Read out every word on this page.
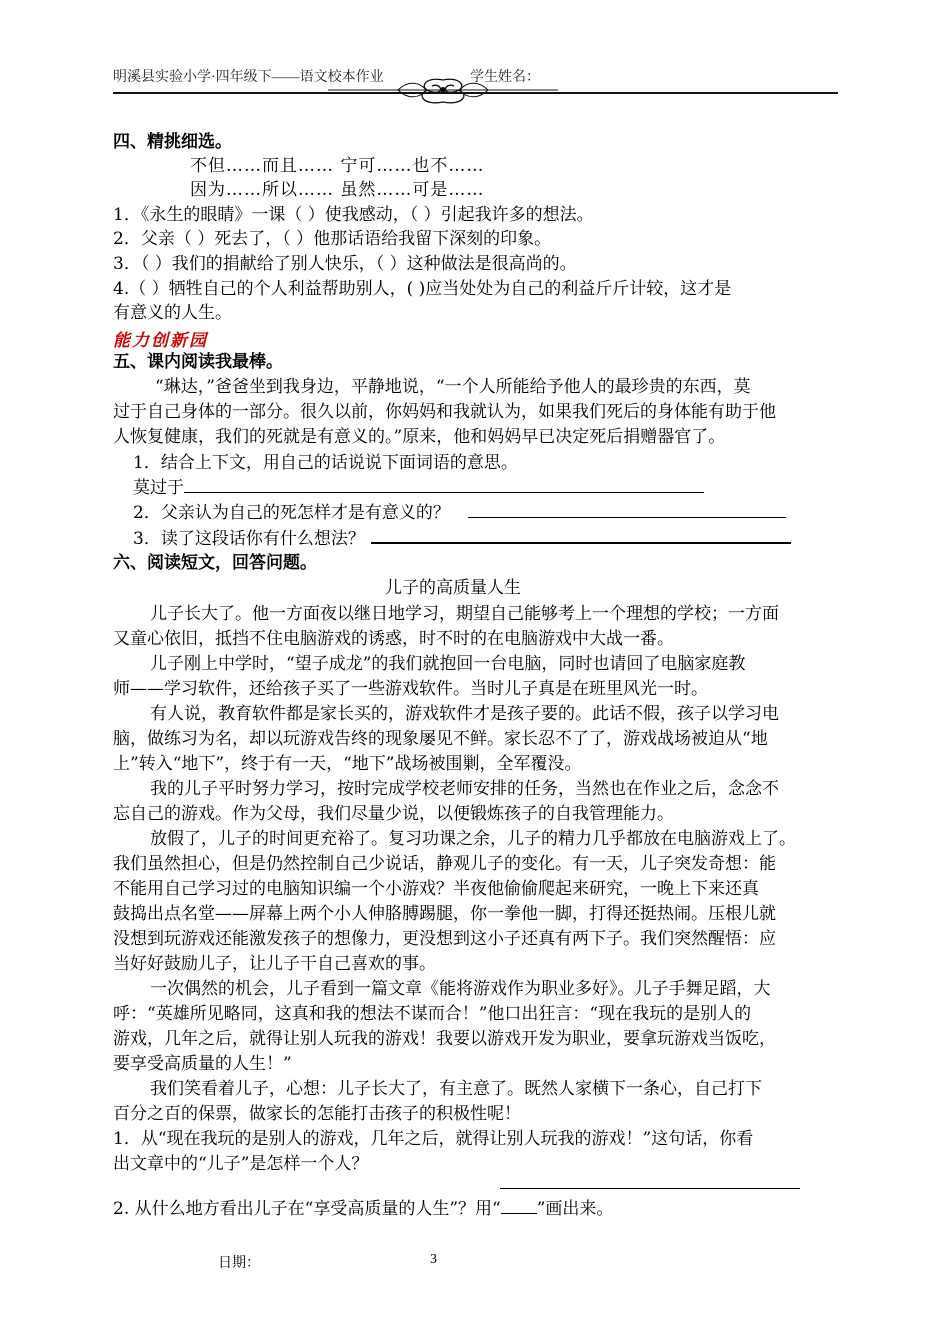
明溪县实验小学·四年级下——语文校本作业	学生姓名：
四、精挑细选。
不但……而且…… 宁可……也不……
因为……所以…… 虽然……可是……
1．《永生的眼睛》一课（ ）使我感动，（ ）引起我许多的想法。
2．父亲（ ）死去了，（ ）他那话语给我留下深刻的印象。
3．（ ）我们的捐献给了别人快乐，（ ）这种做法是很高尚的。
4.（ ）牺牲自己的个人利益帮助别人，( )应当处处为自己的利益斤斤计较，这才是
有意义的人生。
能力创新园
五、课内阅读我最棒。
“琳达，”爸爸坐到我身边，平静地说，“一个人所能给予他人的最珍贵的东西，莫
过于自己身体的一部分。很久以前，你妈妈和我就认为，如果我们死后的身体能有助于他
人恢复健康，我们的死就是有意义的。”原来，他和妈妈早已决定死后捐赠器官了。
1．结合上下文，用自己的话说说下面词语的意思。
莫过于
2．父亲认为自己的死怎样才是有意义的？
3．读了这段话你有什么想法？
六、阅读短文，回答问题。
儿子的高质量人生
儿子长大了。他一方面夜以继日地学习，期望自己能够考上一个理想的学校；一方面
又童心依旧，抵挡不住电脑游戏的诱惑，时不时的在电脑游戏中大战一番。
儿子刚上中学时，“望子成龙”的我们就抱回一台电脑，同时也请回了电脑家庭教
师——学习软件，还给孩子买了一些游戏软件。当时儿子真是在班里风光一时。
有人说，教育软件都是家长买的，游戏软件才是孩子要的。此话不假，孩子以学习电
脑，做练习为名，却以玩游戏告终的现象屡见不鲜。家长忍不了了，游戏战场被迫从“地
上”转入“地下”，终于有一天，“地下”战场被围剿，全军覆没。
我的儿子平时努力学习，按时完成学校老师安排的任务，当然也在作业之后，念念不
忘自己的游戏。作为父母，我们尽量少说，以便锻炼孩子的自我管理能力。
放假了，儿子的时间更充裕了。复习功课之余，儿子的精力几乎都放在电脑游戏上了。
我们虽然担心，但是仍然控制自己少说话，静观儿子的变化。有一天，儿子突发奇想：能
不能用自己学习过的电脑知识编一个小游戏？半夜他偷偷爬起来研究，一晚上下来还真
鼓捣出点名堂——屏幕上两个小人伸胳膊踢腿，你一拳他一脚，打得还挺热闹。压根儿就
没想到玩游戏还能激发孩子的想像力，更没想到这小子还真有两下子。我们突然醒悟：应
当好好鼓励儿子，让儿子干自己喜欢的事。
一次偶然的机会，儿子看到一篇文章《能将游戏作为职业多好》。儿子手舞足蹈，大
呼：“英雄所见略同，这真和我的想法不谋而合！”他口出狂言：“现在我玩的是别人的
游戏，几年之后，就得让别人玩我的游戏！我要以游戏开发为职业，要拿玩游戏当饭吃，
要享受高质量的人生！”
我们笑看着儿子，心想：儿子长大了，有主意了。既然人家横下一条心，自己打下
百分之百的保票，做家长的怎能打击孩子的积极性呢！
1．从“现在我玩的是别人的游戏，几年之后，就得让别人玩我的游戏！”这句话，你看
出文章中的“儿子”是怎样一个人？
2. 从什么地方看出儿子在“享受高质量的人生”？用“ ”画出来。
日期：	3
